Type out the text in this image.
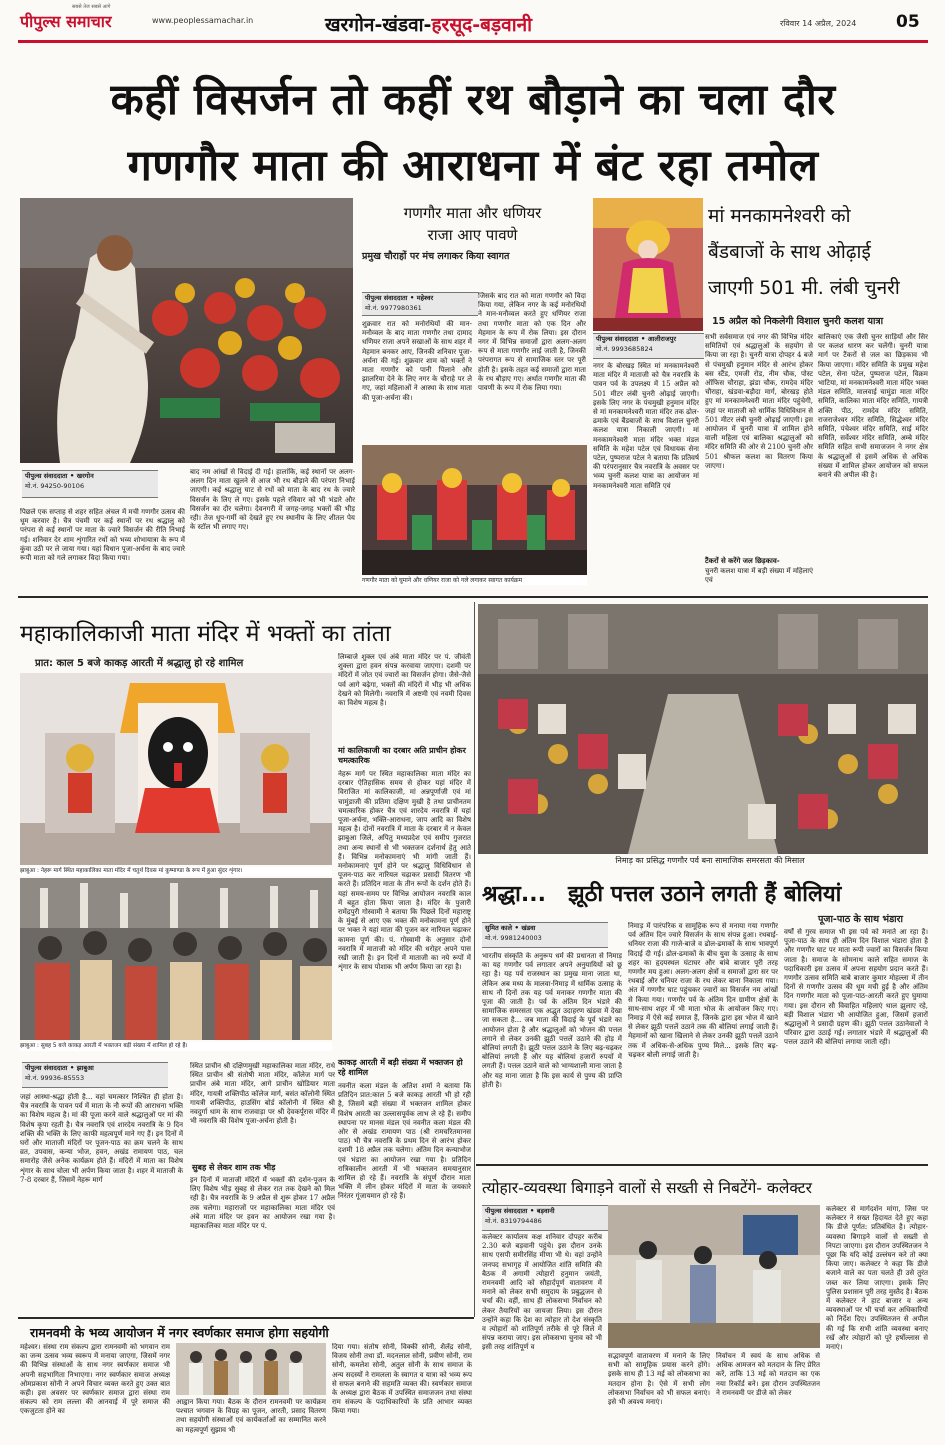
पीपुल्स समाचार
सबसे तेज सबसे आगे
www.peoplessamachar.in	खरगोन-खंडवा-हरसूद-बड़वानी	रविवार 14 अप्रैल, 2024 05
कहीं विसर्जन तो कहीं रथ बौड़ाने का चला दौर
गणगौर माता की आराधना में बंट रहा तमोल
पीपुल्स संवाददाता • खरगोन
मो.नं. 94250-90106
पिछले एक सप्ताह से शहर सहित अंचल में मची गणगौर उत्सव की धूम करवार है। चैत्र पंचमी पर कई स्थानों पर रथ श्रद्धालु को परंपरा से कई स्थानों पर माता के ज्वारे विसर्जन की रीति निभाई गई। शनिवार देर शाम शृंगारित रथों को भव्य शोभायात्रा के रूप में कुंवा उठी पर ले जाया गया। यहां विधान पूजा-अर्चना के बाद ज्वारे रूपी माता को गले लगाकर विदा किया गया।
बाद नम आंखों से विदाई दी गई। हालांकि, कई स्थानों पर अलग-अलग दिन माता खुलने से आज भी रथ बौड़ाने की परंपरा निभाई जाएगी। कई श्रद्धालु घाट से रथों को माता के बाद रथ के ज्वारे विसर्जन के लिए ले गए। इसके पहले रविवार को भी भंडारे और विसर्जन का दौर चलेगा। देवनगरी में जगह-जगह भक्तों की भीड़ रही। तेज धूप-गर्मी को देखते हुए रथ स्थानीय के लिए शीतल पेय के स्टॉल भी लगाए गए।
गणगौर माता और धणियर
राजा आए पावणे
प्रमुख चौराहों पर मंच लगाकर किया स्वागत
पीपुल्स संवाददाता • महेश्वर
मो.नं. 9977980361
शुक्रवार रात को मनोरथियों की मान-मनौव्वल के बाद माता गणगौर तथा दामाद धणियर राजा अपने सखाओं के साथ शहर में मेहमान बनकर आए, जिनकी शनिवार पूजा-अर्चना की गई। शुक्रवार शाम को भक्तों ने माता गणगौर को पानी पिलाने और झालरिया देने के लिए नगर के चौराहे पर ले गए, जहां महिलाओं ने आस्था के साथ माता की पूजा-अर्चना की।
जिसके बाद रात को माता गणगौर को विदा किया गया, लेकिन नगर के कई मनोरथियों ने मान-मनौव्वल करते हुए धणियर राजा तथा गणगौर माता को एक दिन और मेहमान के रूप में रोक लिया। इस दौरान नगर में विभिन्न समाजों द्वारा अलग-अलग रूप से माता गणगौर लाई जाती है, जिनकी परंपरागत रूप से सामाजिक स्तर पर पूरी होती है। इसके तहत कई समाजों द्वारा माता के रथ बौड़ाए गए। अर्थात गणगौर माता की पावणी के रूप में रोक लिया गया।
गणगौर माता को घुमाने और धणियर राजा को गले लगाकर स्वागत कार्यक्रम
पीपुल्स संवाददाता • आलीराजपुर
मो.नं. 9993685824
मां मनकामनेश्वरी को
बैंडबाजों के साथ ओढ़ाई
जाएगी 501 मी. लंबी चुनरी
15 अप्रैल को निकलेगी विशाल चुनरी कलश यात्रा
नगर के बोरखड़ स्थित मां मनकामनेश्वरी माता मंदिर में माताजी को चैत्र नवरात्रि के पावन पर्व के उपलक्ष्य में 15 अप्रैल को 501 मीटर लंबी चुनरी ओढ़ाई जाएगी। इसके लिए नगर के पंचमुखी हनुमान मंदिर से मां मनकामनेश्वरी माता मंदिर तक ढोल-ढमाके एवं बैंडबाजों के साथ विशाल चुनरी कलश यात्रा निकाली जाएगी। मां मनकामनेश्वरी माता मंदिर भक्त मंडल समिति के महेश पटेल एवं विधायक सेना पटेल, पुष्पराज पटेल ने बताया कि प्रतिवर्ष की परंपरानुसार चैत्र नवरात्रि के अवसर पर भव्य चुनरी कलश यात्रा का आयोजन मां मनकामनेश्वरी माता समिति एवं
सभी सर्वसमाज एवं नगर की विभिन्न मंदिर समितियों एवं श्रद्धालुओं के सहयोग से किया जा रहा है। चुनरी यात्रा दोपहर 4 बजे से पंचमुखी हनुमान मंदिर से आरंभ होकर बस स्टैंड, एमजी रोड, नीम चौक, पोस्ट ऑफिस चौराहा, झंडा चौक, रामदेव मंदिर चौराहा, खंडवा-बड़ौदा मार्ग, बोरखड़ होते हुए मां मनकामनेश्वरी माता मंदिर पहुंचेगी, जहां पर माताजी को धार्मिक विधिविधान से 501 मीटर लंबी चुनरी ओढ़ाई जाएगी। इस आयोजन में चुनरी यात्रा में शामिल होने वाली महिला एवं बालिका श्रद्धालुओं को मंदिर समिति की ओर से 2100 चुनरी और 501 श्रीफल कलश का वितरण किया जाएगा।
टैंकरों से करेंगे जल छिड़काव-
चुनरी कलश यात्रा में बड़ी संख्या में महिलाएं एवं
बालिकाएं एक जैसी चुनर साड़ियों और सिर पर कलश धारण कर चलेंगी। चुनरी यात्रा मार्ग पर टैंकरों से जल का छिड़काव भी किया जाएगा। मंदिर समिति के प्रमुख महेश पटेल, सेना पटेल, पुष्पराज पटेल, विक्रम भाटिया, मां मनकामनेश्वरी माता मंदिर भक्त मंडल समिति, मालवाई चामुंडा माता मंदिर समिति, कालिका माता मंदिर समिति, गायत्री शक्ति पीठ, रामदेव मंदिर समिति, राजराजेश्वर मंदिर समिति, सिद्धेश्वर मंदिर समिति, पंचेश्वर मंदिर समिति, साई मंदिर समिति, सर्वेश्वर मंदिर समिति, अम्बे मंदिर समिति सहित सभी समाजजन ने नगर क्षेत्र के श्रद्धालुओं से इसमें अधिक से अधिक संख्या में शामिल होकर आयोजन को सफल बनाने की अपील की है।
महाकालिकाजी माता मंदिर में भक्तों का तांता
प्रात: काल 5 बजे काकड़ आरती में श्रद्धालु हो रहे शामिल
झाबुआ : नेहरू मार्ग स्थित महाकालिका माता मंदिर में चतुर्थ दिवस मां कुष्माण्डा के रूप में हुआ सुंदर शृंगार।
झाबुआ : सुबह 5 बजे काकड़ आरती में भक्तजन बड़ी संख्या में शामिल हो रहे हैं।
पीपुल्स संवाददाता • झाबुआ
मो.नं. 99936-85553
जहां आस्था-श्रद्धा होती है... वहां चमत्कार निश्चित ही होता है। चैत्र नवरात्रि के पावन पर्व में माता के नौ रूपों की आराधना भक्ति का विशेष महत्व है। मां की पूजा करने वाले श्रद्धालुओं पर मां की विशेष कृपा रहती है। चैत्र नवरात्रि एवं शारदेय नवरात्रि के 9 दिन शक्ति की भक्ति के लिए काफी महत्वपूर्ण माने गए हैं। इन दिनों में घरों और माताजी मंदिरों पर पूजन-पाठ का क्रम चलने के साथ व्रत, उपवास, कन्या भोज, हवन, अखंड रामायण पाठ, चल समारोह जैसे अनेक कार्यक्रम होते हैं। मंदिरों में माता का विशेष शृंगार के साथ चोला भी अर्पण किया जाता है। शहर में माताजी के 7-8 दरबार हैं, जिसमें नेहरू मार्ग
स्थित प्राचीन श्री दक्षिणमुखी महाकालिका माता मंदिर, राधे स्थित प्राचीन श्री संतोषी माता मंदिर, कॉलेज मार्ग पर प्राचीन अंबे माता मंदिर, आगे प्राचीन खोडियार माता मंदिर, गायत्री शक्तिपीठ कॉलेज मार्ग, बसंत कॉलोनी स्थित गायत्री शक्तिपीठ, हाउसिंग बोर्ड कॉलोनी में स्थित श्री नवदुर्गा धाम के साथ राजवाड़ा पर श्री देवकर्पूरास मंदिर में भी नवरात्रि की विशेष पूजा-अर्चना होती है।
सुबह से लेकर शाम तक भीड़
इन दिनों में माताजी मंदिरों में भक्तों की दर्शन-पूजन के लिए विशेष भीड़ सुबह से लेकर रात तक देखने को मिल रही है। चैत्र नवरात्रि के 9 अप्रैल से शुरू होकर 17 अप्रैल तक चलेगा। महाराजों पर महाकालिका माता मंदिर एवं अंबे माता मंदिर पर हवन का आयोजन रखा गया है। महाकालिका माता मंदिर पर पं.
लिम्बाजे शुक्ल एवं अंबे माता मंदिर पर पं. जीवंती शुक्ला द्वारा हवन संपन्न करवाया जाएगा। दशमी पर मंदिरों में जोत एवं ज्वारों का विसर्जन होगा। जैसे-जैसे पर्व आगे बढ़ेगा, भक्तों की मंदिरों में भीड़ भी अधिक देखने को मिलेगी। नवरात्रि में अष्टमी एवं नवमी दिवस का विशेष महत्व है।
मां कालिकाजी का दरबार अति प्राचीन होकर चमत्कारिक
नेहरू मार्ग पर स्थित महाकालिका माता मंदिर का दरबार ऐतिहासिक समय से होकर यहां मंदिर में विराजित मां कालिकाजी, मां अन्नपूर्णाजी एवं मां चामुंडाजी की प्रतिमा दक्षिण मुखी है तथा प्राचीनतम चमत्कारिक होकर चैत्र एवं शारदेय नवरात्रि में यहां पूजा-अर्चना, भक्ति-आराधना, जाप आदि का विशेष महत्व है। दोनों नवरात्रि में माता के दरबार में न केवल झाबुआ जिले, अपितु मध्यप्रदेश एवं समीप गुजरात तथा अन्य स्थानों से भी भक्तजन दर्शनार्थ हेतु आते हैं। विभिन्न मनोकामनाएं भी मांगी जाती हैं। मनोकामनाएं पूर्ण होने पर श्रद्धालु विधिविधान से पूजन-पाठ कर नारियल चढ़ाकर प्रसादी वितरण भी करते हैं। प्रतिदिन माता के तीन रूपों के दर्शन होते हैं। यहां समय-समय पर विभिन्न आयोजन नवरात्रि काल में बहुत होता किया जाता है। मंदिर के पुजारी रामेंद्रपुरी गोस्वामी ने बताया कि पिछले दिनों महाराष्ट्र के मुंबई से आए एक भक्त की मनोकामना पूर्ण होने पर भक्त ने यहां माता की पूजन कर नारियल चढ़ाकर कामना पूर्ण की। पं. गोस्वामी के अनुसार दोनों नवरात्रि में माताजी को मंदिर की धरोहर अपने पास रखी जाती है। इन दिनों में माताजी का नये रूपों में शृंगार के साथ पोशाक भी अर्पण किया जा रहा है।
काकड़ आरती में बड़ी संख्या में भक्तजन हो रहे शामिल
नवनीत कला मंडल के अतिश शर्मा ने बताया कि प्रतिदिन प्रात:काल 5 बजे काकड़ आरती भी हो रही है, जिसमें बड़ी संख्या में भक्तजन शामिल होकर विशेष आरती का उल्लासपूर्वक लाभ ले रहे हैं। समीप स्थापना पर मानस मंडल एवं नवनीत कला मंडल की ओर से अखंड रामायण पाठ (श्री रामचरितमानस पाठ) भी चैत्र नवरात्रि के प्रथम दिन से आरंभ होकर दशमी 18 अप्रैल तक चलेगा। अंतिम दिन कन्याभोज एवं भंडारा का आयोजन रखा गया है। प्रतिदिन रात्रिकालीन आरती में भी भक्तजन समयानुसार शामिल हो रहे हैं। नवरात्रि के संपूर्ण दौरान माता भक्ति में लीन होकर मंदिरों में माता के जयकारे निरंतर गूंजायमान हो रहे हैं।
निमाड़ का प्रसिद्ध गणगौर पर्व बना सामाजिक समरसता की मिसाल
श्रद्धा... झूठी पत्तल उठाने लगती हैं बोलियां
पूजा-पाठ के साथ भंडारा
सुमित काले • खंडवा
मो.नं. 9981240003
भारतीय संस्कृति के अनुरूप धर्म की प्रधानता से निमाड़ का यह गणगौर पर्व लगातार अपने अनुयायियों को छू रहा है। यह पर्व राजस्थान का प्रमुख माना जाता था, लेकिन अब मध्य के मालवा-निमाड़ में धार्मिक उत्साह के साथ नौ दिनों तक यह पर्व मनाकर गणगौर माता की पूजा की जाती है। पर्व के अंतिम दिन भंडारे की सामाजिक समरसता एक अद्भुत उदाहरण खंडवा में देखा जा सकता है... जब माता की विदाई के पूर्व भंडारे का आयोजन होता है और श्रद्धालुओं को भोजन की पत्तल लगाने से लेकर उनकी झूठी पत्तलें उठाने की होड़ में बोलियां लगती हैं। झूठी पत्तल उठाने के लिए बढ़-चढ़कर बोलियां लगती हैं और यह बोलियां हजारों रुपयों में लगती हैं। पत्तल उठाने वाले को भाग्यशाली माना जाता है और यह माना जाता है कि इस कार्य से पुण्य की प्राप्ति होती है।
निमाड़ में पारंपरिक व सामूहिक रूप से मनाया गया गणगौर पर्व अंतिम दिन ज्वारे विसर्जन के साथ संपन्न हुआ। रथबाई-धनियर राजा की गाजे-बाजे व ढोल-ढमाकों के साथ भावपूर्ण विदाई दी गई। ढोल-ढमाकों के बीच युवा के उत्साह के साथ शहर का हृदयस्थल घंटाघर और बांबे बाजार पूरी तरह गणगौर मय हुआ। अलग-अलग क्षेत्रों व समाजों द्वारा सर पर रथबाई और धनियर राजा के रथ लेकर बाना निकाला गया। अंत में गणगौर घाट पहुंचकर ज्वारों का विसर्जन नम आंखों से किया गया। गणगौर पर्व के अंतिम दिन ग्रामीण क्षेत्रों के साथ-साथ शहर में भी माता भोज के आयोजन किए गए। निमाड़ में ऐसे कई समाज हैं, जिनके द्वारा इस भोज में खाने से लेकर झूठी पत्तलें उठाने तक की बोलियां लगाई जाती हैं। मेहमानों को खाना खिलाने से लेकर उनकी झूठी पत्तलें उठाने तक में अधिक-से-अधिक पुण्य मिले... इसके लिए बढ़-चढ़कर बोली लगाई जाती है।
वर्षों से गुरव समाज भी इस पर्व को मनाते आ रहा है। पूजा-पाठ के साथ ही अंतिम दिन विशाल भंडारा होता है और गणगौर घाट पर माता रूपी ज्वारों का विसर्जन किया जाता है। समाज के सोमनाथ काले सहित समाज के पदाधिकारी इस उत्सव में अपना सहयोग प्रदान करते हैं। गणगौर उत्सव समिति बाबे बाजार कुमार मोहल्ला में तीन दिनों से गणगौर उत्सव की धूम मची हुई है और अंतिम दिन गणगौर माता को पूजा-पाठ-आरती करते हुए घुमाया गया। इस दौरान सौ विवाहित महिलाएं थाल झुलाए रहे, बड़ी विशाल भंडारा भी आयोजित हुआ, जिसमें हजारों श्रद्धालुओं ने प्रसादी ग्रहण की। झूठी पत्तल उठानेवालों ने परिवार द्वारा उठाई गई। लगातार भंडारे में श्रद्धालुओं की पत्तल उठाने की बोलियां लगाया जाती रही।
त्योहार-व्यवस्था बिगाड़ने वालों से सख्ती से निबटेंगे- कलेक्टर
पीपुल्स संवाददाता • बड़वानी
मो.नं. 8319794486
कलेक्टर कार्यालय कक्ष शनिवार दोपहर करीब 2.30 बजे बड़वानी पहुंचे। इस दौरान उनके साथ एसपी समीरसिंह मीणा भी थे। वहां उन्होंने जनपद सभागृह में आयोजित शांति समिति की बैठक में अगामी त्योहारों हनुमान जयंती, रामनवमी आदि को सौहार्दपूर्ण वातावरण में मनाने को लेकर सभी समुदाय के प्रबुद्धजन से चर्चा की। वहीं, साथ ही लोकसभा निर्वाचन को लेकर तैयारियों का जायजा लिया। इस दौरान उन्होंने कहा कि देश का त्योहार तो देश संस्कृति व त्योहारों को शांतिपूर्ण तरीके से पूरे जिले में संपन्न कराया जाए। इस लोकसभा चुनाव को भी इसी तरह शांतिपूर्ण व
सद्भावपूर्ण वातावरण में मनाने के लिए सभी को सामूहिक प्रयास करने होंगे। इसके साथ ही 13 मई को लोकसभा का मतदान होना है। ऐसे में सभी लोग लोकसभा निर्वाचन को भी सफल बनाएं। इसे भी अवश्य मनाएं।
निर्वाचन में स्वयं के साथ अधिक से अधिक आमजन को मतदान के लिए प्रेरित करें, ताकि 13 मई को मतदान का एक नया रिकॉर्ड बने। इस दौरान उपस्थितजन ने रामनवमी पर डीजे को लेकर
कलेक्टर से मार्गदर्शन मांगा, जिस पर कलेक्टर ने सख्त हिदायत देते हुए कहा कि डीजे पूर्णत: प्रतिबंधित है। त्योहार-व्यवस्था बिगाड़ने वालों से सख्ती से निपटा जाएगा। इस दौरान उपस्थितजन ने पूछा कि यदि कोई उल्लंघन करे तो क्या किया जाए। कलेक्टर ने कहा कि डीजे बजाने वाले का पता चलते ही उसे तुरंत जब्त कर लिया जाएगा। इसके लिए पुलिस प्रशासन पूरी तरह मुस्तैद है। बैठक में कलेक्टर ने हाट बाजार व अन्य व्यवस्थाओं पर भी चर्चा कर अधिकारियों को निर्देश दिए। उपस्थितजन से अपील की गई कि सभी शांति व्यवस्था बनाए रखें और त्योहारों को पूरे हर्षोल्लास से मनाएं।
रामनवमी के भव्य आयोजन में नगर स्वर्णकार समाज होगा सहयोगी
महेश्वर। संस्था राम संकल्प द्वारा रामनवमी को भगवान राम का जन्म उत्सव भव्य स्वरूप में मनाया जाएगा, जिसमें नगर की विभिन्न संस्थाओं के साथ नगर स्वर्णकार समाज भी अपनी सहभागिता निभाएगा। नगर स्वर्णकार समाज अध्यक्ष ओमप्रकाश सोनी ने अपने विचार व्यक्त करते हुए उक्त बात कही। इस अवसर पर स्वर्णकार समाज द्वारा संस्था राम संकल्प को राम लल्ला की आनवाई में पूरे समाज की एकजुटता होने का
आह्वान किया गया। बैठक के दौरान रामनवमी पर कार्यक्रम पश्चात भगवान के विग्रह का पूजन, आरती, प्रसाद वितरण तथा सहयोगी संस्थाओं एवं कार्यकर्ताओं का सम्मानित करने का महत्वपूर्ण सुझाव भी
दिया गया। संतोष सोनी, विक्की सोनी, शैलेंद्र सोनी, विजय सोनी तथा डॉ. मदनलाल सोनी, प्रवीण सोनी, राम सोनी, कमलेश सोनी, अतुल सोनी के साथ समाज के अन्य सदस्यों ने रामलला के स्वागत व यात्रा को भव्य रूप से सफल बनाने की सहमति व्यक्त की। स्वर्णकार समाज के अध्यक्ष द्वारा बैठक में उपस्थित समाजजन तथा संस्था राम संकल्प के पदाधिकारियों के प्रति आभार व्यक्त किया गया।
